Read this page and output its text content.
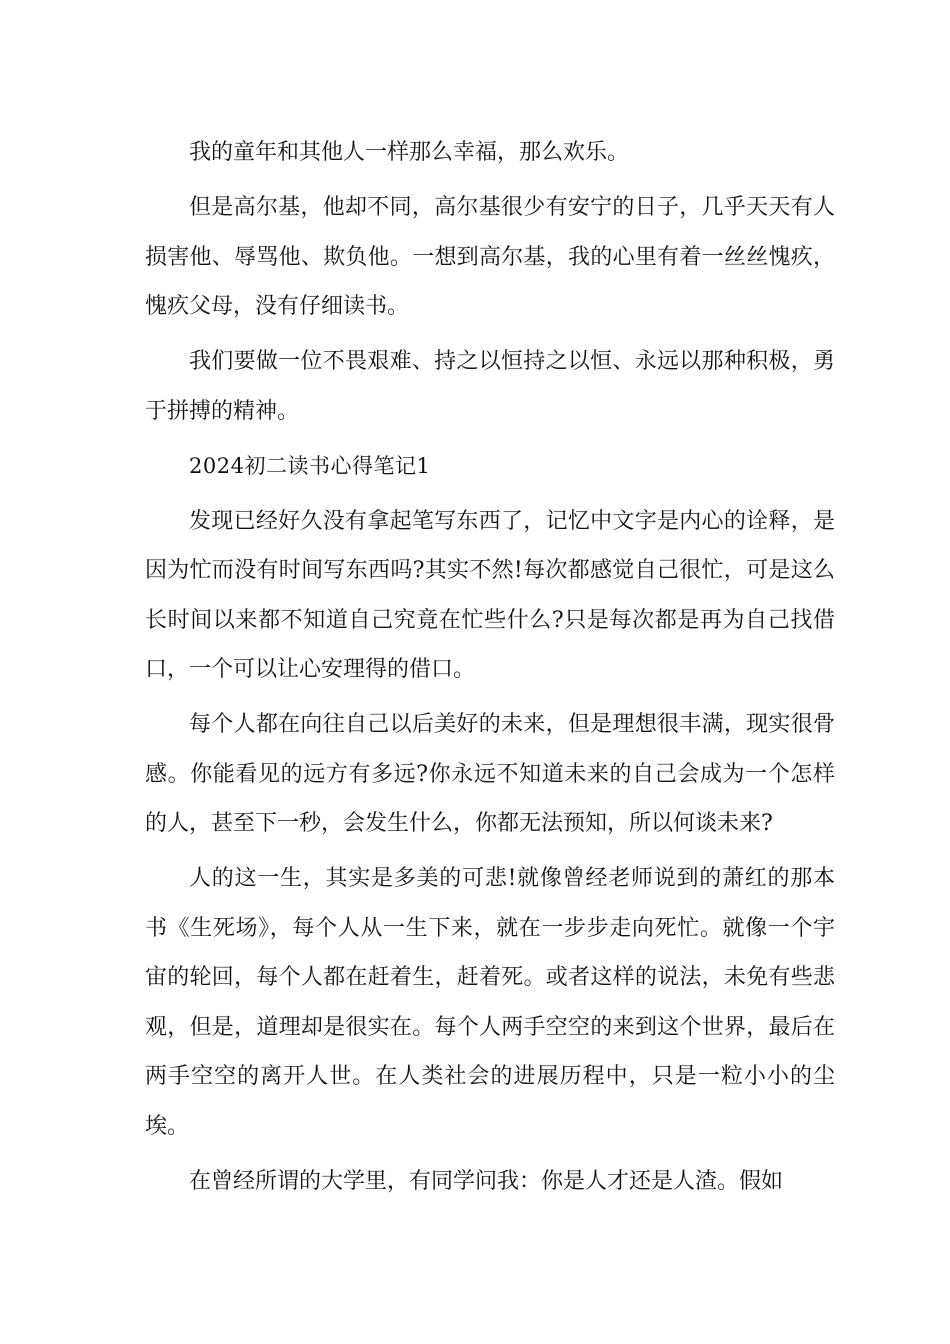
我的童年和其他人一样那么幸福，那么欢乐。

但是高尔基，他却不同，高尔基很少有安宁的日子，几乎天天有人损害他、辱骂他、欺负他。一想到高尔基，我的心里有着一丝丝愧疚，愧疚父母，没有仔细读书。

我们要做一位不畏艰难、持之以恒持之以恒、永远以那种积极，勇于拼搏的精神。

2024初二读书心得笔记1

发现已经好久没有拿起笔写东西了，记忆中文字是内心的诠释，是因为忙而没有时间写东西吗?其实不然!每次都感觉自己很忙，可是这么长时间以来都不知道自己究竟在忙些什么?只是每次都是再为自己找借口，一个可以让心安理得的借口。

每个人都在向往自己以后美好的未来，但是理想很丰满，现实很骨感。你能看见的远方有多远?你永远不知道未来的自己会成为一个怎样的人，甚至下一秒，会发生什么，你都无法预知，所以何谈未来?

人的这一生，其实是多美的可悲!就像曾经老师说到的萧红的那本书《生死场》，每个人从一生下来，就在一步步走向死忙。就像一个宇宙的轮回，每个人都在赶着生，赶着死。或者这样的说法，未免有些悲观，但是，道理却是很实在。每个人两手空空的来到这个世界，最后在两手空空的离开人世。在人类社会的进展历程中，只是一粒小小的尘埃。

在曾经所谓的大学里，有同学问我：你是人才还是人渣。假如
